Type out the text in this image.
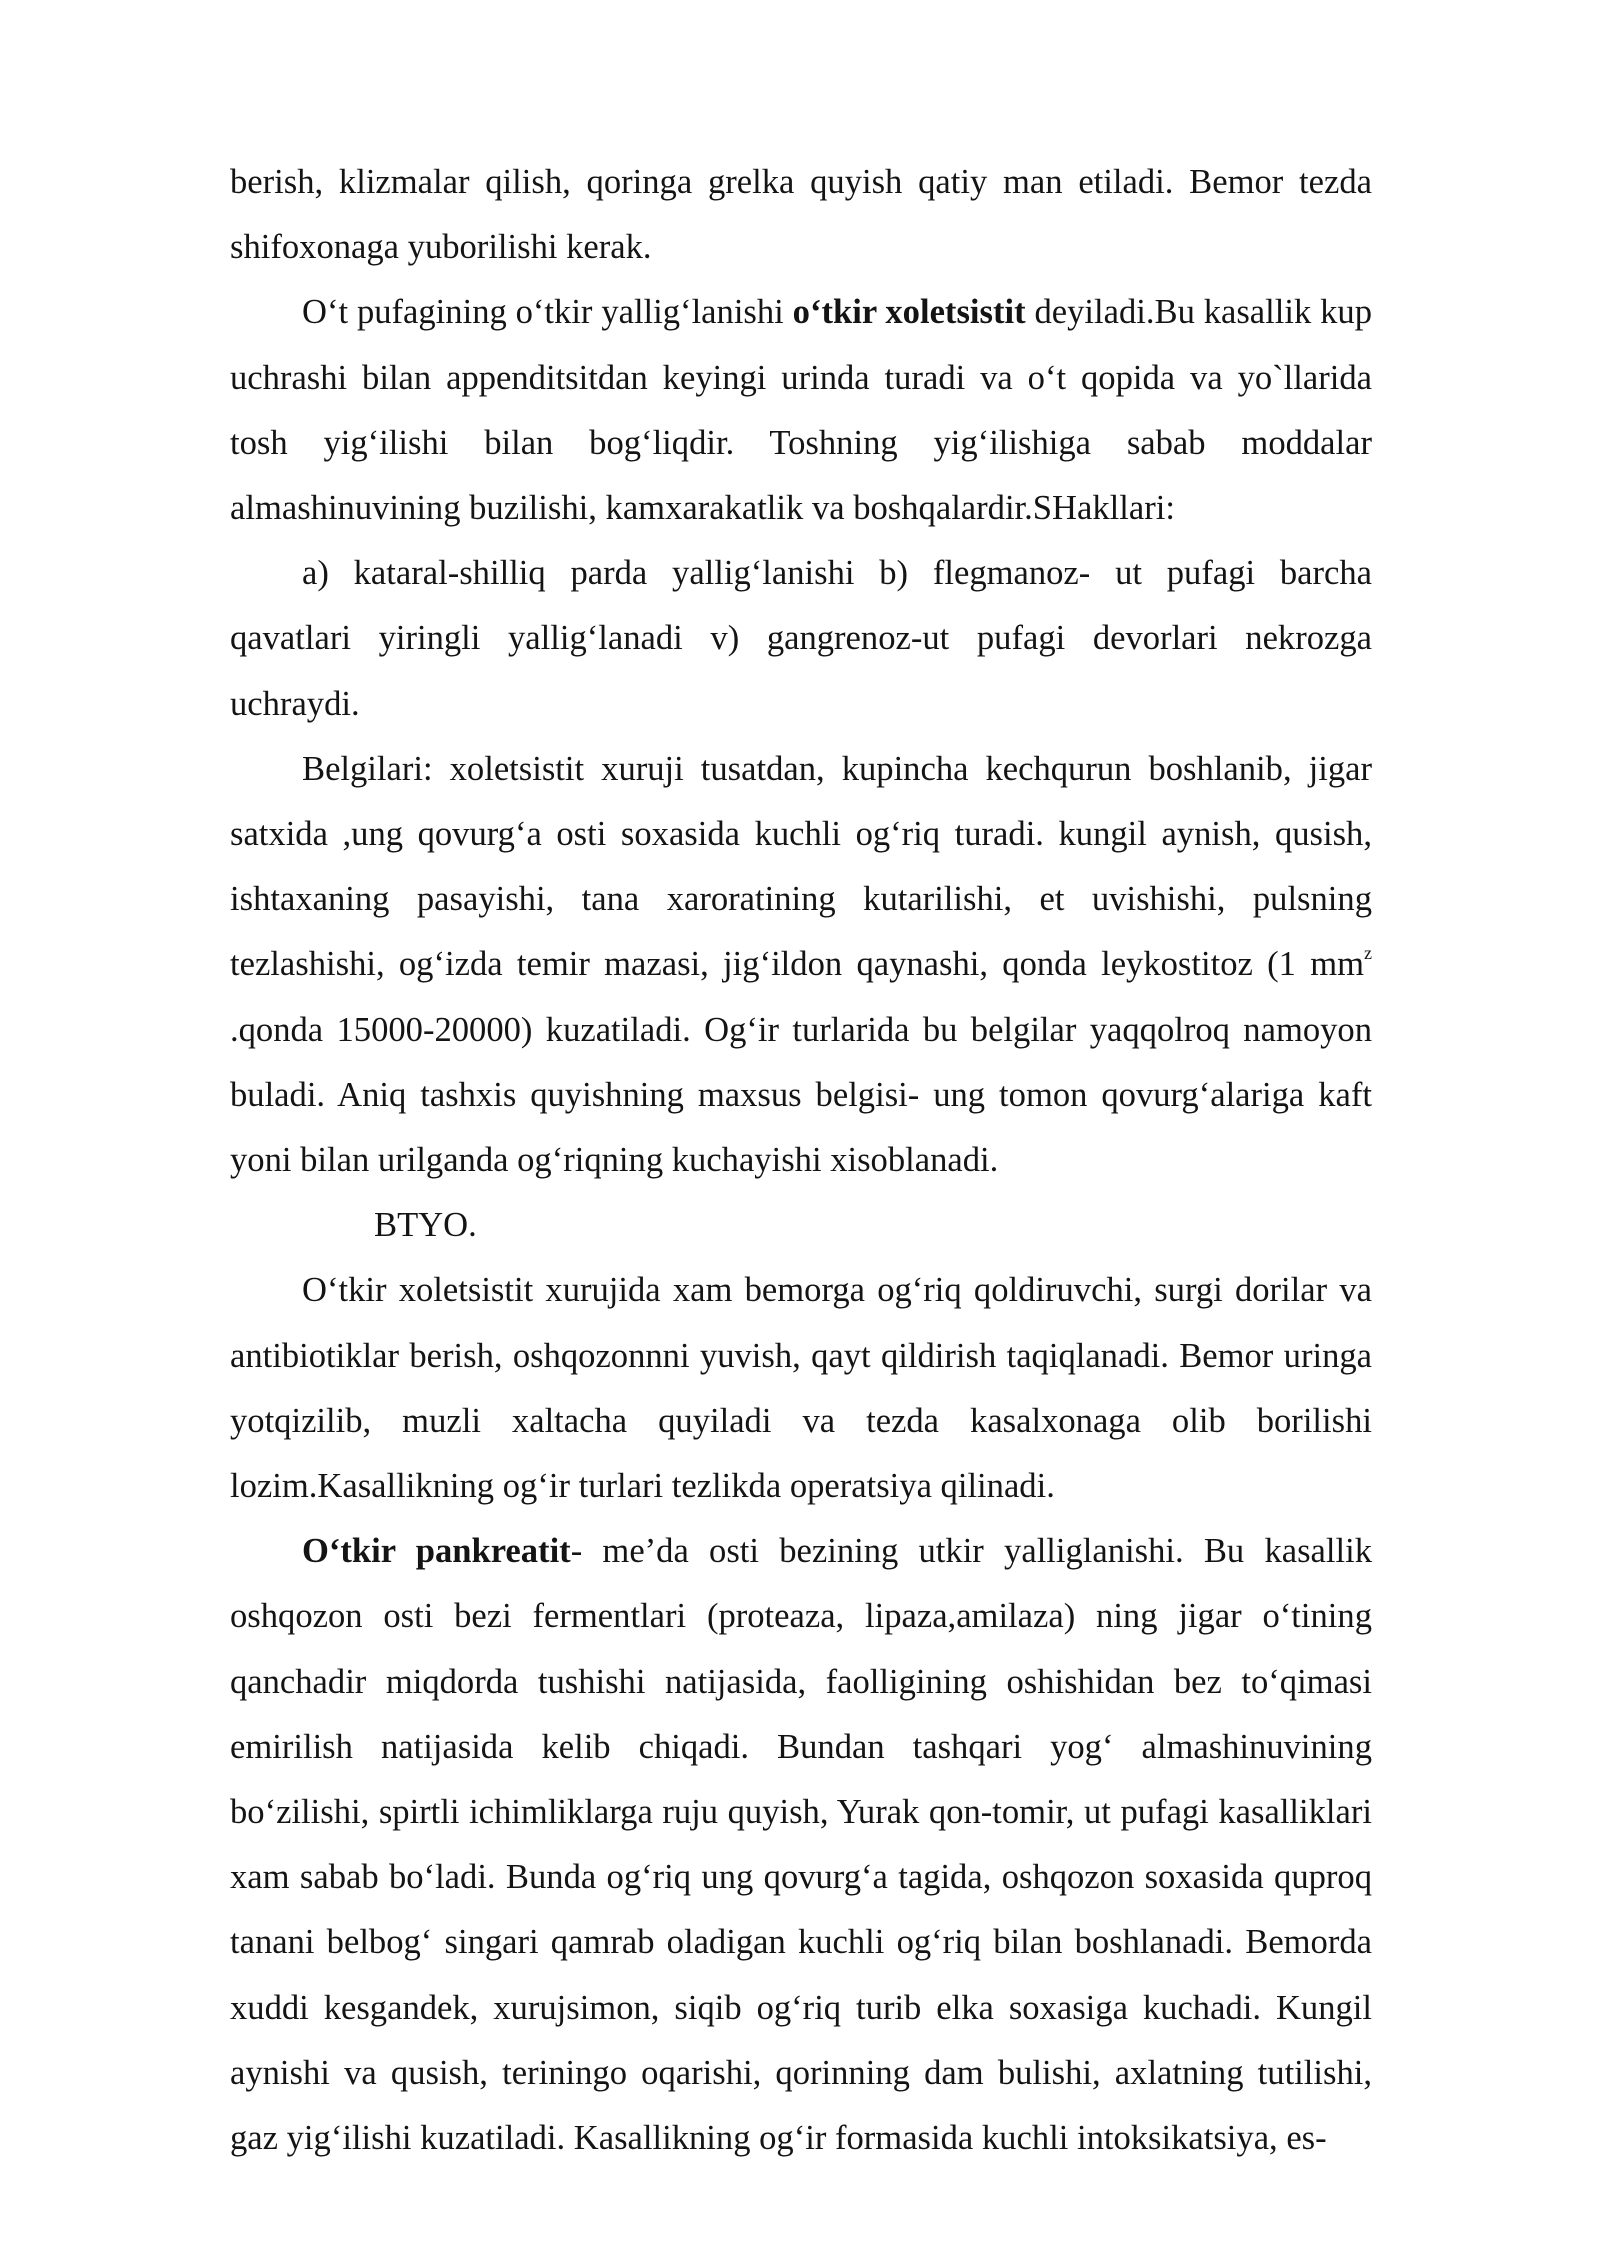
berish, klizmalar qilish, qoringa grelka quyish qatiy man etiladi. Bemor tezda shifoxonaga yuborilishi kerak.

O‘t pufagining o‘tkir yallig‘lanishi o‘tkir xoletsistit deyiladi.Bu kasallik kup uchrashi bilan appenditsitdan keyingi urinda turadi va o‘t qopida va yo`llarida tosh yig‘ilishi bilan bog‘liqdir. Toshning yig‘ilishiga sabab moddalar almashinuvining buzilishi, kamxarakatlik va boshqalardir.SHakllari:

a) kataral-shilliq parda yallig‘lanishi b) flegmanoz- ut pufagi barcha qavatlari yiringli yallig‘lanadi v) gangrenoz-ut pufagi devorlari nekrozga uchraydi.

Belgilari: xoletsistit xuruji tusatdan, kupincha kechqurun boshlanib, jigar satxida ,ung qovurg‘a osti soxasida kuchli og‘riq turadi. kungil aynish, qusish, ishtaxaning pasayishi, tana xaroratining kutarilishi, et uvishishi, pulsning tezlashishi, og‘izda temir mazasi, jig‘ildon qaynashi, qonda leykostitoz (1 $mm^z$ .qonda 15000-20000) kuzatiladi. Og‘ir turlarida bu belgilar yaqqolroq namoyon buladi. Aniq tashxis quyishning maxsus belgisi- ung tomon qovurg‘alariga kaft yoni bilan urilganda og‘riqning kuchayishi xisoblanadi.

BTYO.

O‘tkir xoletsistit xurujida xam bemorga og‘riq qoldiruvchi, surgi dorilar va antibiotiklar berish, oshqozonnni yuvish, qayt qildirish taqiqlanadi. Bemor uringa yotqizilib, muzli xaltacha quyiladi va tezda kasalxonaga olib borilishi lozim.Kasallikning og‘ir turlari tezlikda operatsiya qilinadi.

O‘tkir pankreatit- me’da osti bezining utkir yalliglanishi. Bu kasallik oshqozon osti bezi fermentlari (proteaza, lipaza,amilaza) ning jigar o‘tining qanchadir miqdorda tushishi natijasida, faolligining oshishidan bez to‘qimasi emirilish natijasida kelib chiqadi. Bundan tashqari yog‘ almashinuvining bo‘zilishi, spirtli ichimliklarga ruju quyish, Yurak qon-tomir, ut pufagi kasalliklari xam sabab bo‘ladi. Bunda og‘riq ung qovurg‘a tagida, oshqozon soxasida quproq tanani belbog‘ singari qamrab oladigan kuchli og‘riq bilan boshlanadi. Bemorda xuddi kesgandek, xurujsimon, siqib og‘riq turib elka soxasiga kuchadi. Kungil aynishi va qusish, teriningo oqarishi, qorinning dam bulishi, axlatning tutilishi, gaz yig‘ilishi kuzatiladi. Kasallikning og‘ir formasida kuchli intoksikatsiya, es-
